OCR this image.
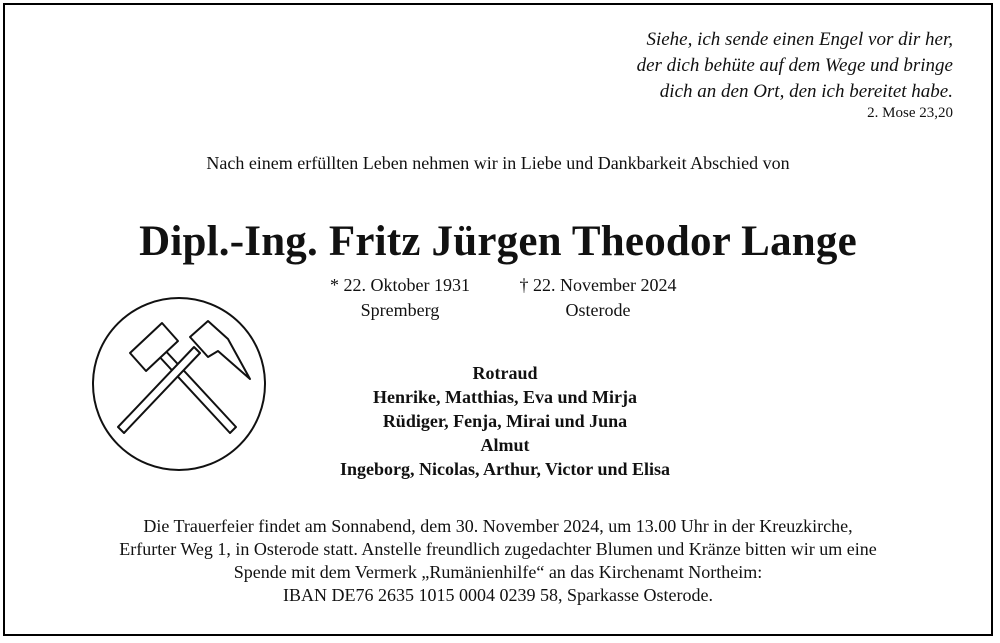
Siehe, ich sende einen Engel vor dir her,
der dich behüte auf dem Wege und bringe
dich an den Ort, den ich bereitet habe.
2. Mose 23,20
Nach einem erfüllten Leben nehmen wir in Liebe und Dankbarkeit Abschied von
Dipl.-Ing. Fritz Jürgen Theodor Lange
* 22. Oktober 1931
Spremberg
† 22. November 2024
Osterode
Rotraud
Henrike, Matthias, Eva und Mirja
Rüdiger, Fenja, Mirai und Juna
Almut
Ingeborg, Nicolas, Arthur, Victor und Elisa
Die Trauerfeier findet am Sonnabend, dem 30. November 2024, um 13.00 Uhr in der Kreuzkirche,
Erfurter Weg 1, in Osterode statt. Anstelle freundlich zugedachter Blumen und Kränze bitten wir um eine
Spende mit dem Vermerk „Rumänienhilfe“ an das Kirchenamt Northeim:
IBAN DE76 2635 1015 0004 0239 58, Sparkasse Osterode.
